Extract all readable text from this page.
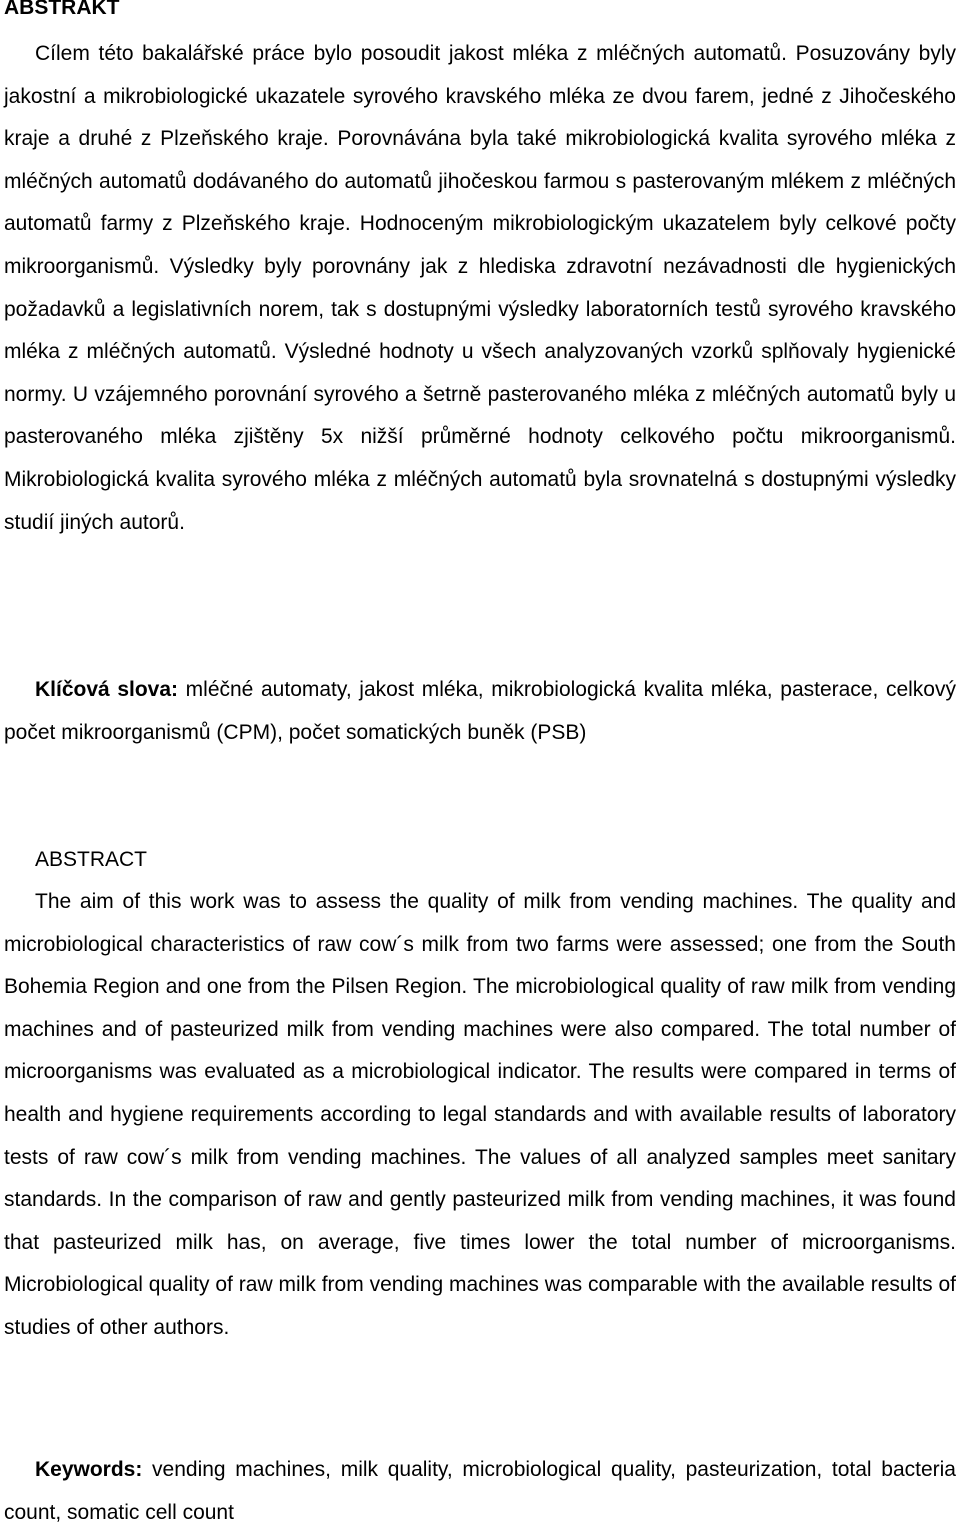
ABSTRAKT

Cílem této bakalářské práce bylo posoudit jakost mléka z mléčných automatů. Posuzovány byly jakostní a mikrobiologické ukazatele syrového kravského mléka ze dvou farem, jedné z Jihočeského kraje a druhé z Plzeňského kraje. Porovnávána byla také mikrobiologická kvalita syrového mléka z mléčných automatů dodávaného do automatů jihočeskou farmou s pasterovaným mlékem z mléčných automatů farmy z Plzeňského kraje. Hodnoceným mikrobiologickým ukazatelem byly celkové počty mikroorganismů. Výsledky byly porovnány jak z hlediska zdravotní nezávadnosti dle hygienických požadavků a legislativních norem, tak s dostupnými výsledky laboratorních testů syrového kravského mléka z mléčných automatů. Výsledné hodnoty u všech analyzovaných vzorků splňovaly hygienické normy. U vzájemného porovnání syrového a šetrně pasterovaného mléka z mléčných automatů byly u pasterovaného mléka zjištěny 5x nižší průměrné hodnoty celkového počtu mikroorganismů. Mikrobiologická kvalita syrového mléka z mléčných automatů byla srovnatelná s dostupnými výsledky studií jiných autorů.

Klíčová slova: mléčné automaty, jakost mléka, mikrobiologická kvalita mléka, pasterace, celkový počet mikroorganismů (CPM), počet somatických buněk (PSB)

ABSTRACT

The aim of this work was to assess the quality of milk from vending machines. The quality and microbiological characteristics of raw cow´s milk from two farms were assessed; one from the South Bohemia Region and one from the Pilsen Region. The microbiological quality of raw milk from vending machines and of pasteurized milk from vending machines were also compared. The total number of microorganisms was evaluated as a microbiological indicator. The results were compared in terms of health and hygiene requirements according to legal standards and with available results of laboratory tests of raw cow´s milk from vending machines. The values of all analyzed samples meet sanitary standards. In the comparison of raw and gently pasteurized milk from vending machines, it was found that pasteurized milk has, on average, five times lower the total number of microorganisms. Microbiological quality of raw milk from vending machines was comparable with the available results of studies of other authors.

Keywords: vending machines, milk quality, microbiological quality, pasteurization, total bacteria count, somatic cell count
